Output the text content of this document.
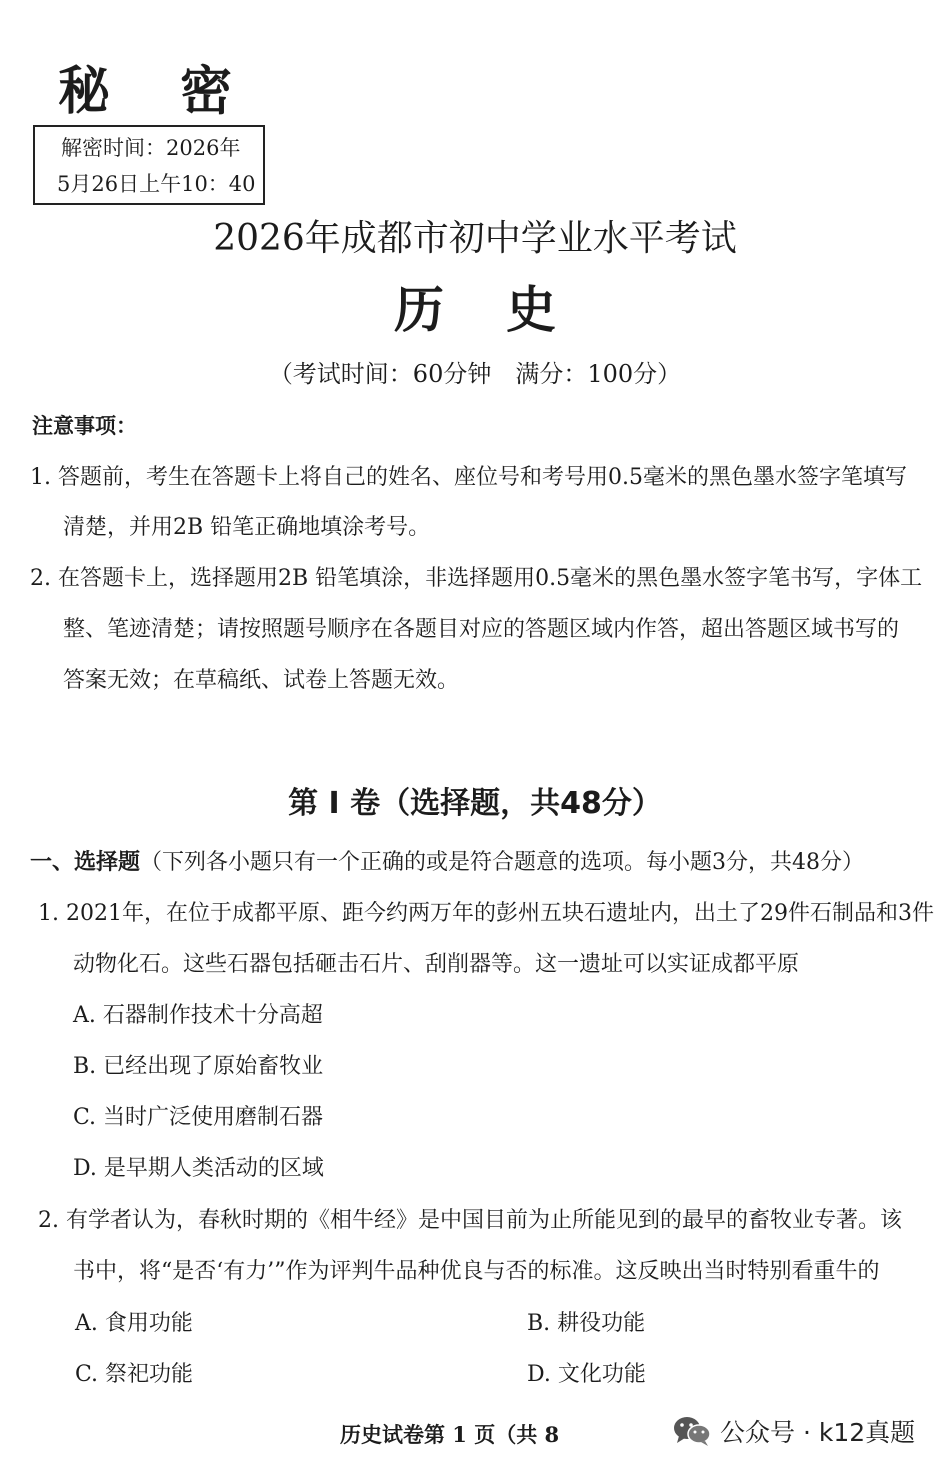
秘密
解密时间：2026年
5月26日上午10：40
2026年成都市初中学业水平考试
历史
（考试时间：60分钟　满分：100分）
注意事项：
1. 答题前，考生在答题卡上将自己的姓名、座位号和考号用0.5毫米的黑色墨水签字笔填写
清楚，并用2B 铅笔正确地填涂考号。
2. 在答题卡上，选择题用2B 铅笔填涂，非选择题用0.5毫米的黑色墨水签字笔书写，字体工
整、笔迹清楚；请按照题号顺序在各题目对应的答题区域内作答，超出答题区域书写的
答案无效；在草稿纸、试卷上答题无效。
第 I 卷（选择题，共48分）
一、选择题（下列各小题只有一个正确的或是符合题意的选项。每小题3分，共48分）
1. 2021年，在位于成都平原、距今约两万年的彭州五块石遗址内，出土了29件石制品和3件
动物化石。这些石器包括砸击石片、刮削器等。这一遗址可以实证成都平原
A. 石器制作技术十分高超
B. 已经出现了原始畜牧业
C. 当时广泛使用磨制石器
D. 是早期人类活动的区域
2. 有学者认为，春秋时期的《相牛经》是中国目前为止所能见到的最早的畜牧业专著。该
书中，将“是否‘有力’”作为评判牛品种优良与否的标准。这反映出当时特别看重牛的
A. 食用功能	B. 耕役功能
C. 祭祀功能	D. 文化功能
历史试卷第 1 页（共 8	公众号 · k12真题
